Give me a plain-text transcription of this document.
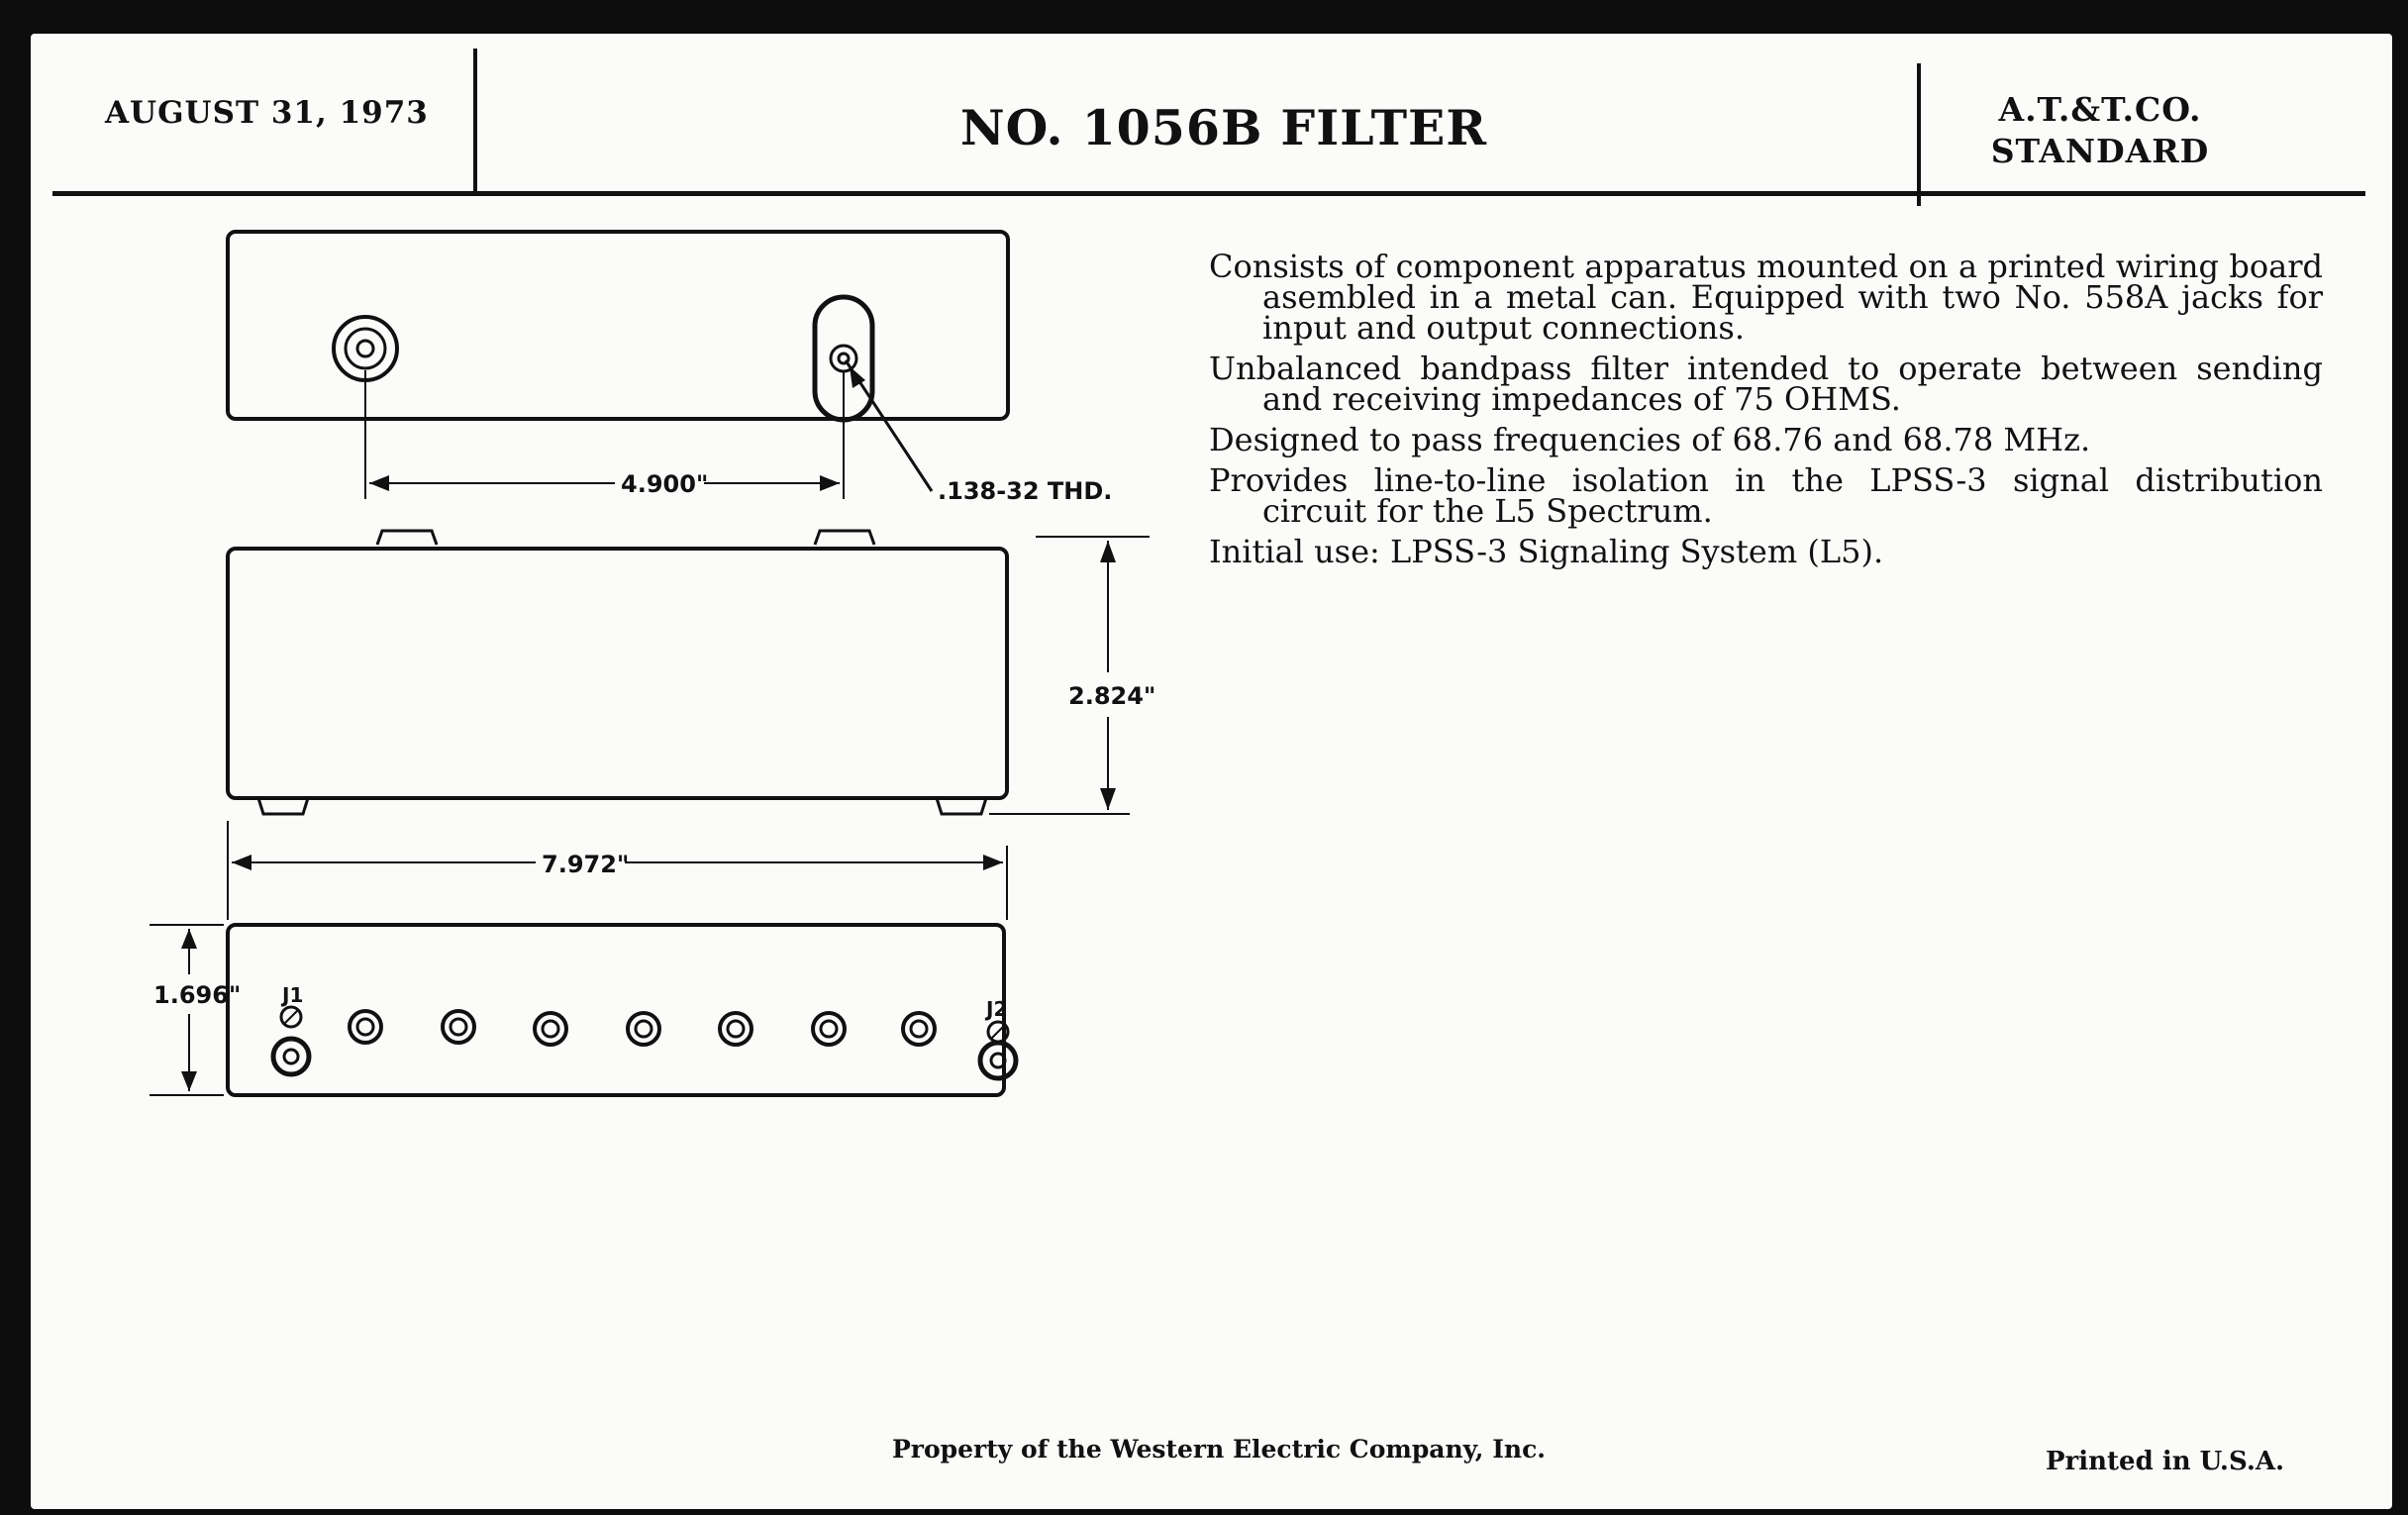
AUGUST 31, 1973	NO. 1056B FILTER	A.T.&T.CO.
STANDARD
4.900"	.138-32 THD.
2.824"
7.972"
1.696" J1
J2

Consists of component apparatus mounted on a printed wiring board asembled in a metal can. Equipped with two No. 558A jacks for input and output connections.

Unbalanced bandpass filter intended to operate between sending and receiving impedances of 75 OHMS.

Designed to pass frequencies of 68.76 and 68.78 MHz.

Provides line-to-line isolation in the LPSS-3 signal distribution circuit for the L5 Spectrum.

Initial use: LPSS-3 Signaling System (L5).

Property of the Western Electric Company, Inc.	Printed in U.S.A.
